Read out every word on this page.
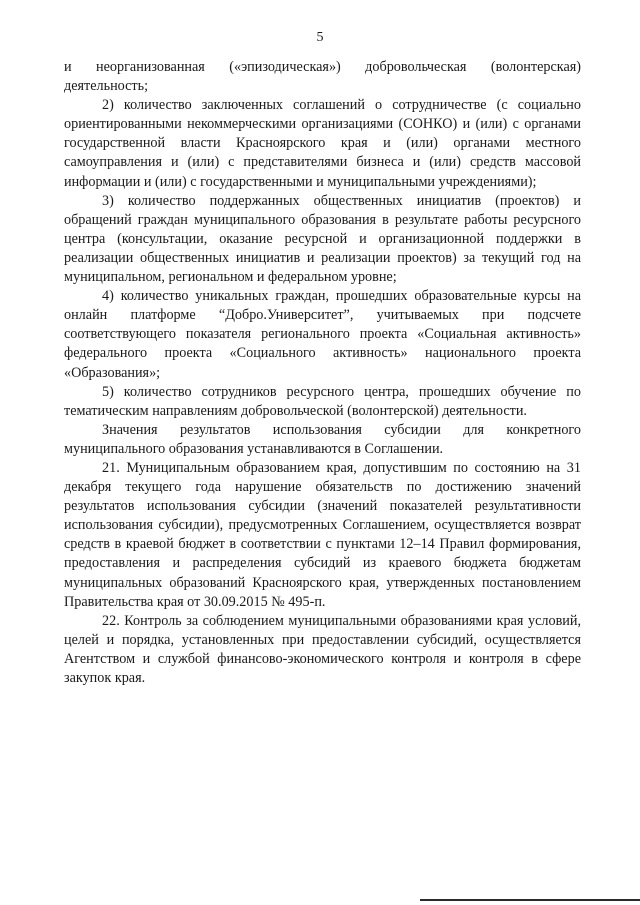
5

и неорганизованная («эпизодическая») добровольческая (волонтерская) деятельность;

2) количество заключенных соглашений о сотрудничестве (с социально ориентированными некоммерческими организациями (СОНКО) и (или) с органами государственной власти Красноярского края и (или) органами местного самоуправления и (или) с представителями бизнеса и (или) средств массовой информации и (или) с государственными и муниципальными учреждениями);

3) количество поддержанных общественных инициатив (проектов) и обращений граждан муниципального образования в результате работы ресурсного центра (консультации, оказание ресурсной и организационной поддержки в реализации общественных инициатив и реализации проектов) за текущий год на муниципальном, региональном и федеральном уровне;

4) количество уникальных граждан, прошедших образовательные курсы на онлайн платформе “Добро.Университет”, учитываемых при подсчете соответствующего показателя регионального проекта «Социальная активность» федерального проекта «Социального активность» национального проекта «Образования»;

5) количество сотрудников ресурсного центра, прошедших обучение по тематическим направлениям добровольческой (волонтерской) деятельности.

Значения результатов использования субсидии для конкретного муниципального образования устанавливаются в Соглашении.

21. Муниципальным образованием края, допустившим по состоянию на 31 декабря текущего года нарушение обязательств по достижению значений результатов использования субсидии (значений показателей результативности использования субсидии), предусмотренных Соглашением, осуществляется возврат средств в краевой бюджет в соответствии с пунктами 12–14 Правил формирования, предоставления и распределения субсидий из краевого бюджета бюджетам муниципальных образований Красноярского края, утвержденных постановлением Правительства края от 30.09.2015 № 495-п.

22. Контроль за соблюдением муниципальными образованиями края условий, целей и порядка, установленных при предоставлении субсидий, осуществляется Агентством и службой финансово-экономического контроля и контроля в сфере закупок края.
